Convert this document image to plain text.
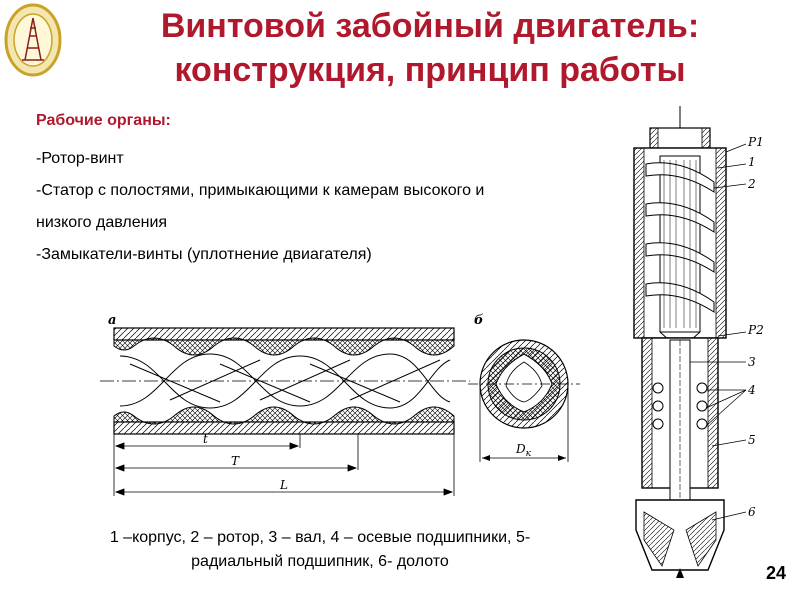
Винтовой забойный двигатель:
конструкция, принцип работы

Рабочие органы:

-Ротор-винт
-Статор с полостями, примыкающими к камерам высокого и
низкого давления
-Замыкатели-винты (уплотнение двиагателя)
а
t
T
L
б
$D_к$
P1
1
2
P2
3
4
5
6
1 –корпус, 2 – ротор, 3 – вал, 4 – осевые подшипники, 5-
радиальный подшипник, 6- долото
24
